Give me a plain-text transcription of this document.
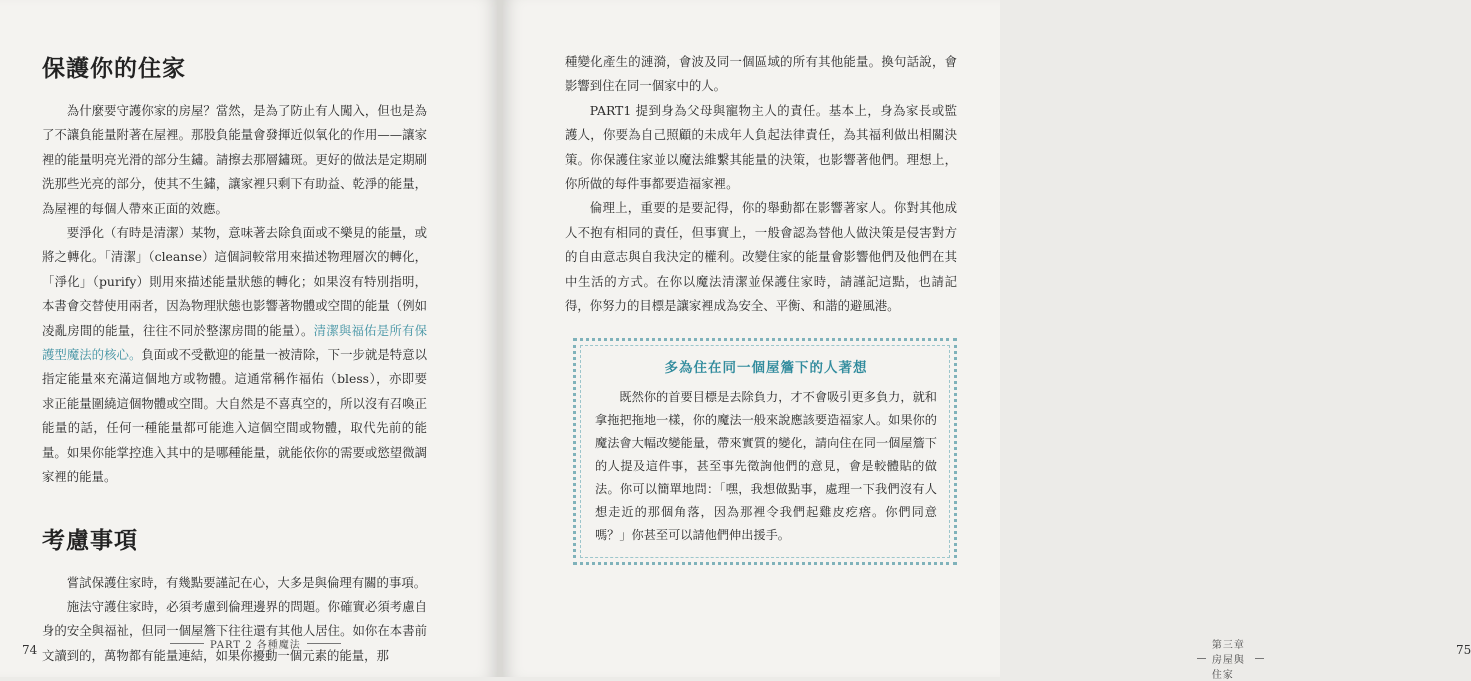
保護你的住家

為什麼要守護你家的房屋？當然，是為了防止有人闖入，但也是為了不讓負能量附著在屋裡。那股負能量會發揮近似氧化的作用——讓家裡的能量明亮光滑的部分生鏽。請擦去那層鏽斑。更好的做法是定期刷洗那些光亮的部分，使其不生鏽，讓家裡只剩下有助益、乾淨的能量，為屋裡的每個人帶來正面的效應。

要淨化（有時是清潔）某物，意味著去除負面或不樂見的能量，或將之轉化。「清潔」（cleanse）這個詞較常用來描述物理層次的轉化，「淨化」（purify）則用來描述能量狀態的轉化；如果沒有特別指明，本書會交替使用兩者，因為物理狀態也影響著物體或空間的能量（例如凌亂房間的能量，往往不同於整潔房間的能量）。清潔與福佑是所有保護型魔法的核心。負面或不受歡迎的能量一被清除，下一步就是特意以指定能量來充滿這個地方或物體。這通常稱作福佑（bless），亦即要求正能量圍繞這個物體或空間。大自然是不喜真空的，所以沒有召喚正能量的話，任何一種能量都可能進入這個空間或物體，取代先前的能量。如果你能掌控進入其中的是哪種能量，就能依你的需要或慾望微調家裡的能量。

考慮事項

嘗試保護住家時，有幾點要謹記在心，大多是與倫理有關的事項。

施法守護住家時，必須考慮到倫理邊界的問題。你確實必須考慮自身的安全與福祉，但同一個屋簷下往往還有其他人居住。如你在本書前文讀到的，萬物都有能量連結，如果你擾動一個元素的能量，那

PART 2 各種魔法
74

種變化產生的漣漪，會波及同一個區域的所有其他能量。換句話說，會影響到住在同一個家中的人。

PART1 提到身為父母與寵物主人的責任。基本上，身為家長或監護人，你要為自己照顧的未成年人負起法律責任，為其福利做出相關決策。你保護住家並以魔法維繫其能量的決策，也影響著他們。理想上，你所做的每件事都要造福家裡。

倫理上，重要的是要記得，你的舉動都在影響著家人。你對其他成人不抱有相同的責任，但事實上，一般會認為替他人做決策是侵害對方的自由意志與自我決定的權利。改變住家的能量會影響他們及他們在其中生活的方式。在你以魔法清潔並保護住家時，請謹記這點，也請記得，你努力的目標是讓家裡成為安全、平衡、和諧的避風港。

多為住在同一個屋簷下的人著想

既然你的首要目標是去除負力，才不會吸引更多負力，就和拿拖把拖地一樣，你的魔法一般來說應該要造福家人。如果你的魔法會大幅改變能量，帶來實質的變化，請向住在同一個屋簷下的人提及這件事，甚至事先徵詢他們的意見，會是較體貼的做法。你可以簡單地問：「嘿，我想做點事，處理一下我們沒有人想走近的那個角落，因為那裡令我們起雞皮疙瘩。你們同意嗎？」你甚至可以請他們伸出援手。

第三章 房屋與住家
75
